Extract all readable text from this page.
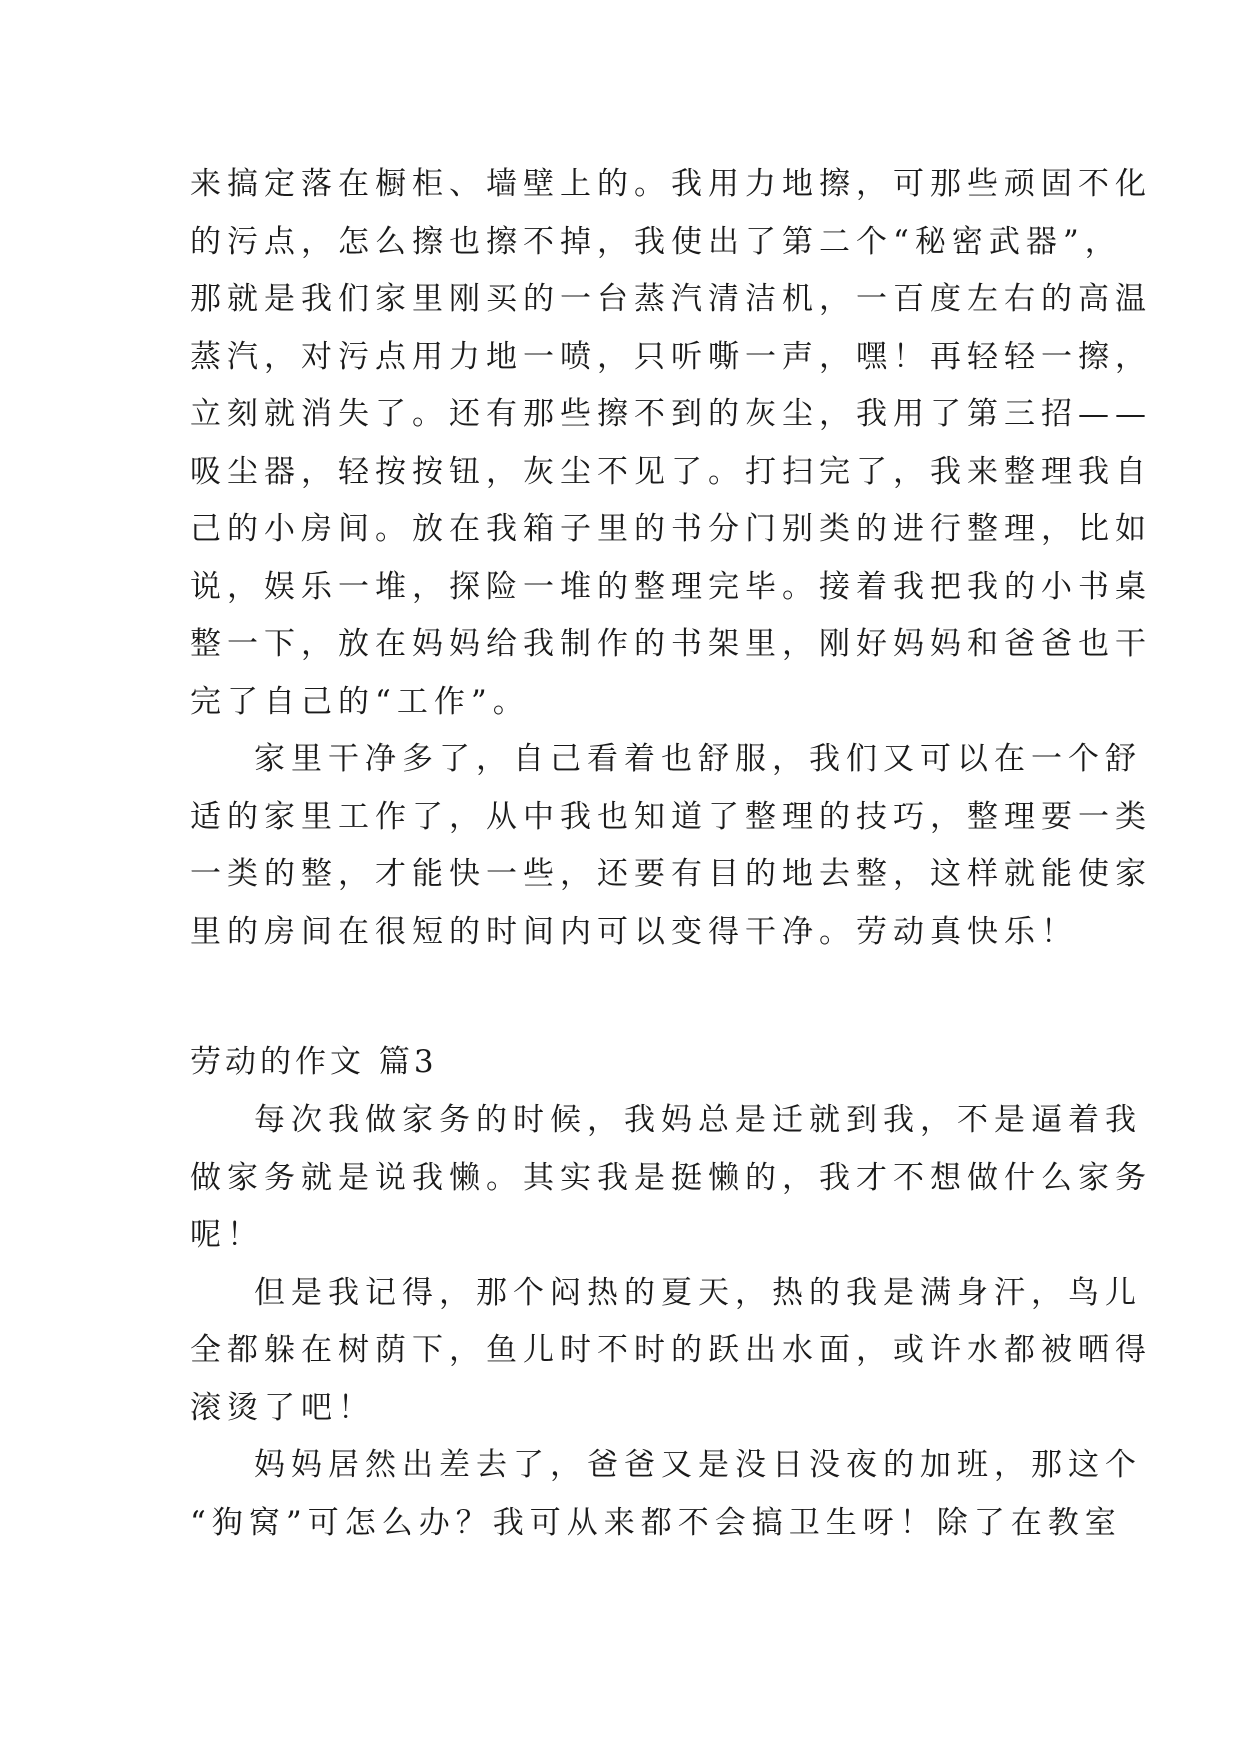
来搞定落在橱柜、墙壁上的。我用力地擦，可那些顽固不化
的污点，怎么擦也擦不掉，我使出了第二个“秘密武器”，
那就是我们家里刚买的一台蒸汽清洁机，一百度左右的高温
蒸汽，对污点用力地一喷，只听嘶一声，嘿！再轻轻一擦，
立刻就消失了。还有那些擦不到的灰尘，我用了第三招——
吸尘器，轻按按钮，灰尘不见了。打扫完了，我来整理我自
己的小房间。放在我箱子里的书分门别类的进行整理，比如
说，娱乐一堆，探险一堆的整理完毕。接着我把我的小书桌
整一下，放在妈妈给我制作的书架里，刚好妈妈和爸爸也干
完了自己的“工作”。
家里干净多了，自己看着也舒服，我们又可以在一个舒
适的家里工作了，从中我也知道了整理的技巧，整理要一类
一类的整，才能快一些，还要有目的地去整，这样就能使家
里的房间在很短的时间内可以变得干净。劳动真快乐！
劳动的作文 篇3
每次我做家务的时候，我妈总是迁就到我，不是逼着我
做家务就是说我懒。其实我是挺懒的，我才不想做什么家务
呢！
但是我记得，那个闷热的夏天，热的我是满身汗，鸟儿
全都躲在树荫下，鱼儿时不时的跃出水面，或许水都被晒得
滚烫了吧！
妈妈居然出差去了，爸爸又是没日没夜的加班，那这个
“狗窝”可怎么办？我可从来都不会搞卫生呀！除了在教室
